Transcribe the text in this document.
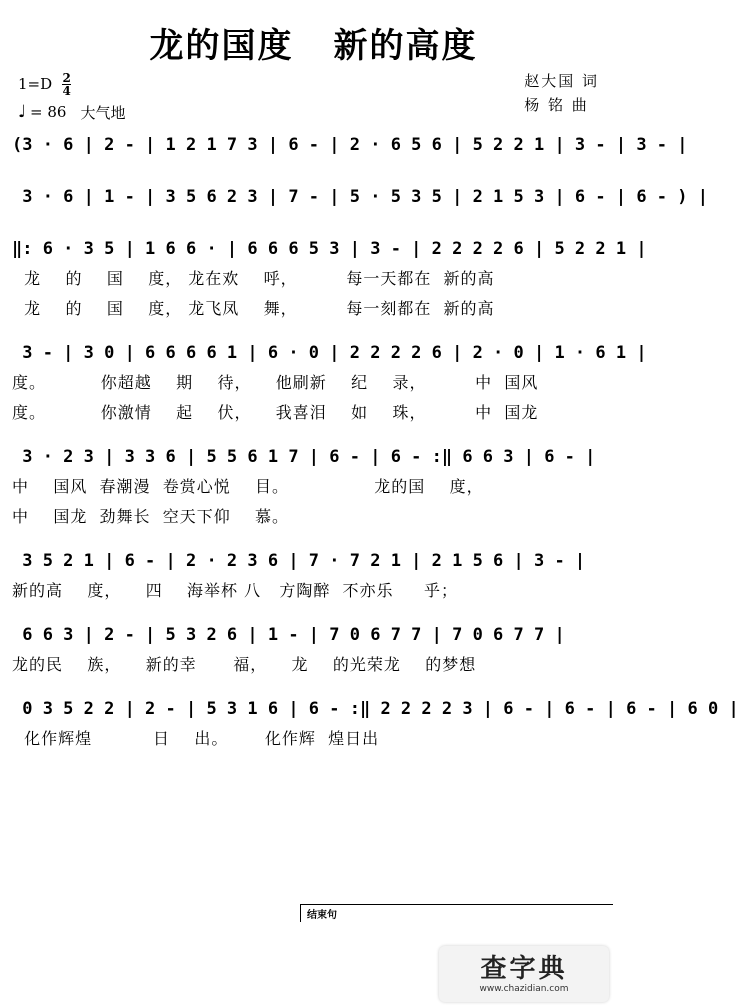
龙的国度 新的高度
1=D 2
4
♩ = 86 大气地
赵大国 词
杨 铭 曲
(3 · 6 | 2 - | 1 2 1 7 3 | 6 - | 2 · 6 5 6 | 5 2 2 1 | 3 - | 3 - |
3 · 6 | 1 - | 3 5 6 2 3 | 7 - | 5 · 5 3 5 | 2 1 5 3 | 6 - | 6 - ) |
‖: 6 · 3 5 | 1 6 6 · | 6 6 6 5 3 | 3 - | 2 2 2 2 6 | 5 2 2 1 |
龙    的    国    度， 龙在欢    呼，        每一天都在  新的高
龙    的    国    度， 龙飞凤    舞，        每一刻都在  新的高
3 - | 3 0 | 6 6 6 6 1 | 6 · 0 | 2 2 2 2 6 | 2 · 0 | 1 · 6 1 |
度。         你超越    期    待，    他刷新    纪    录，        中  国风
度。         你激情    起    伏，    我喜泪    如    珠，        中  国龙
3 · 2 3 | 3 3 6 | 5 5 6 1 7 | 6 - | 6 - :‖ 6 6 3 | 6 - |
中    国风  春潮漫  卷赏心悦    目。              龙的国    度，
中    国龙  劲舞长  空天下仰    慕。
3 5 2 1 | 6 - | 2 · 2 3 6 | 7 · 7 2 1 | 2 1 5 6 | 3 - |
新的高    度，    四    海举杯 八   方陶醉  不亦乐     乎；
6 6 3 | 2 - | 5 3 2 6 | 1 - | 7 0 6 7 7 | 7 0 6 7 7 |
龙的民    族，    新的幸      福，    龙    的光荣龙    的梦想
0 3 5 2 2 | 2 - | 5 3 1 6 | 6 - :‖ 2 2 2 2 3 | 6 - | 6 - | 6 - | 6 0 |
化作辉煌          日    出。      化作辉  煌日出
结束句
查字典
www.chazidian.com
